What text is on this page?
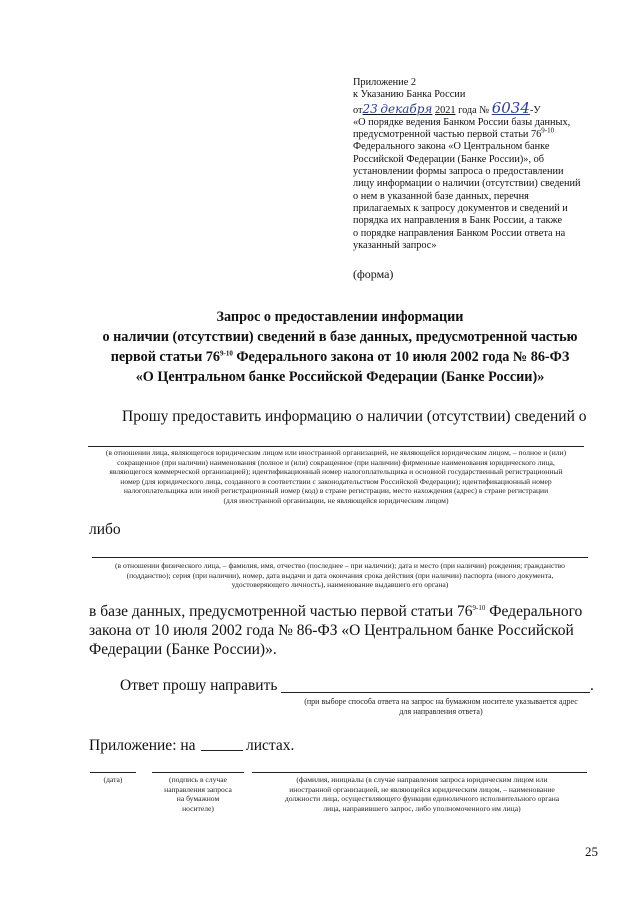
Приложение 2
к Указанию Банка России
от23 декабря 2021 года № 6034-У
«О порядке ведения Банком России базы данных,
предусмотренной частью первой статьи 76$^{9-10}$
Федерального закона «О Центральном банке
Российской Федерации (Банке России)», об
установлении формы запроса о предоставлении
лицу информации о наличии (отсутствии) сведений
о нем в указанной базе данных, перечня
прилагаемых к запросу документов и сведений и
порядка их направления в Банк России, а также
о порядке направления Банком России ответа на
указанный запрос»
(форма)
Запрос о предоставлении информации
о наличии (отсутствии) сведений в базе данных, предусмотренной частью
первой статьи 76$^{9-10}$ Федерального закона от 10 июля 2002 года № 86-ФЗ
«О Центральном банке Российской Федерации (Банке России)»
Прошу предоставить информацию о наличии (отсутствии) сведений о
(в отношении лица, являющегося юридическим лицом или иностранной организацией, не являющейся юридическим лицом, – полное и (или)
сокращенное (при наличии) наименования (полное и (или) сокращенное (при наличии) фирменные наименования юридического лица,
являющегося коммерческой организацией); идентификационный номер налогоплательщика и основной государственный регистрационный
номер (для юридического лица, созданного в соответствии с законодательством Российской Федерации); идентификационный номер
налогоплательщика или иной регистрационный номер (код) в стране регистрации, место нахождения (адрес) в стране регистрации
(для иностранной организации, не являющейся юридическим лицом)
либо
(в отношении физического лица, – фамилия, имя, отчество (последнее – при наличии); дата и место (при наличии) рождения; гражданство
(подданство); серия (при наличии), номер, дата выдачи и дата окончания срока действия (при наличии) паспорта (иного документа,
удостоверяющего личность), наименование выдавшего его органа)
в базе данных, предусмотренной частью первой статьи 76$^{9-10}$ Федерального
закона от 10 июля 2002 года № 86-ФЗ «О Центральном банке Российской
Федерации (Банке России)».
Ответ прошу направить	.
(при выборе способа ответа на запрос на бумажном носителе указывается адрес
для направления ответа)
Приложение: на	листах.
(дата)	(подпись в случае
направления запроса
на бумажном
носителе)
(фамилия, инициалы (в случае направления запроса юридическим лицом или
иностранной организацией, не являющейся юридическим лицом, – наименование
должности лица, осуществляющего функции единоличного исполнительного органа
лица, направившего запрос, либо уполномоченного им лица)
25
